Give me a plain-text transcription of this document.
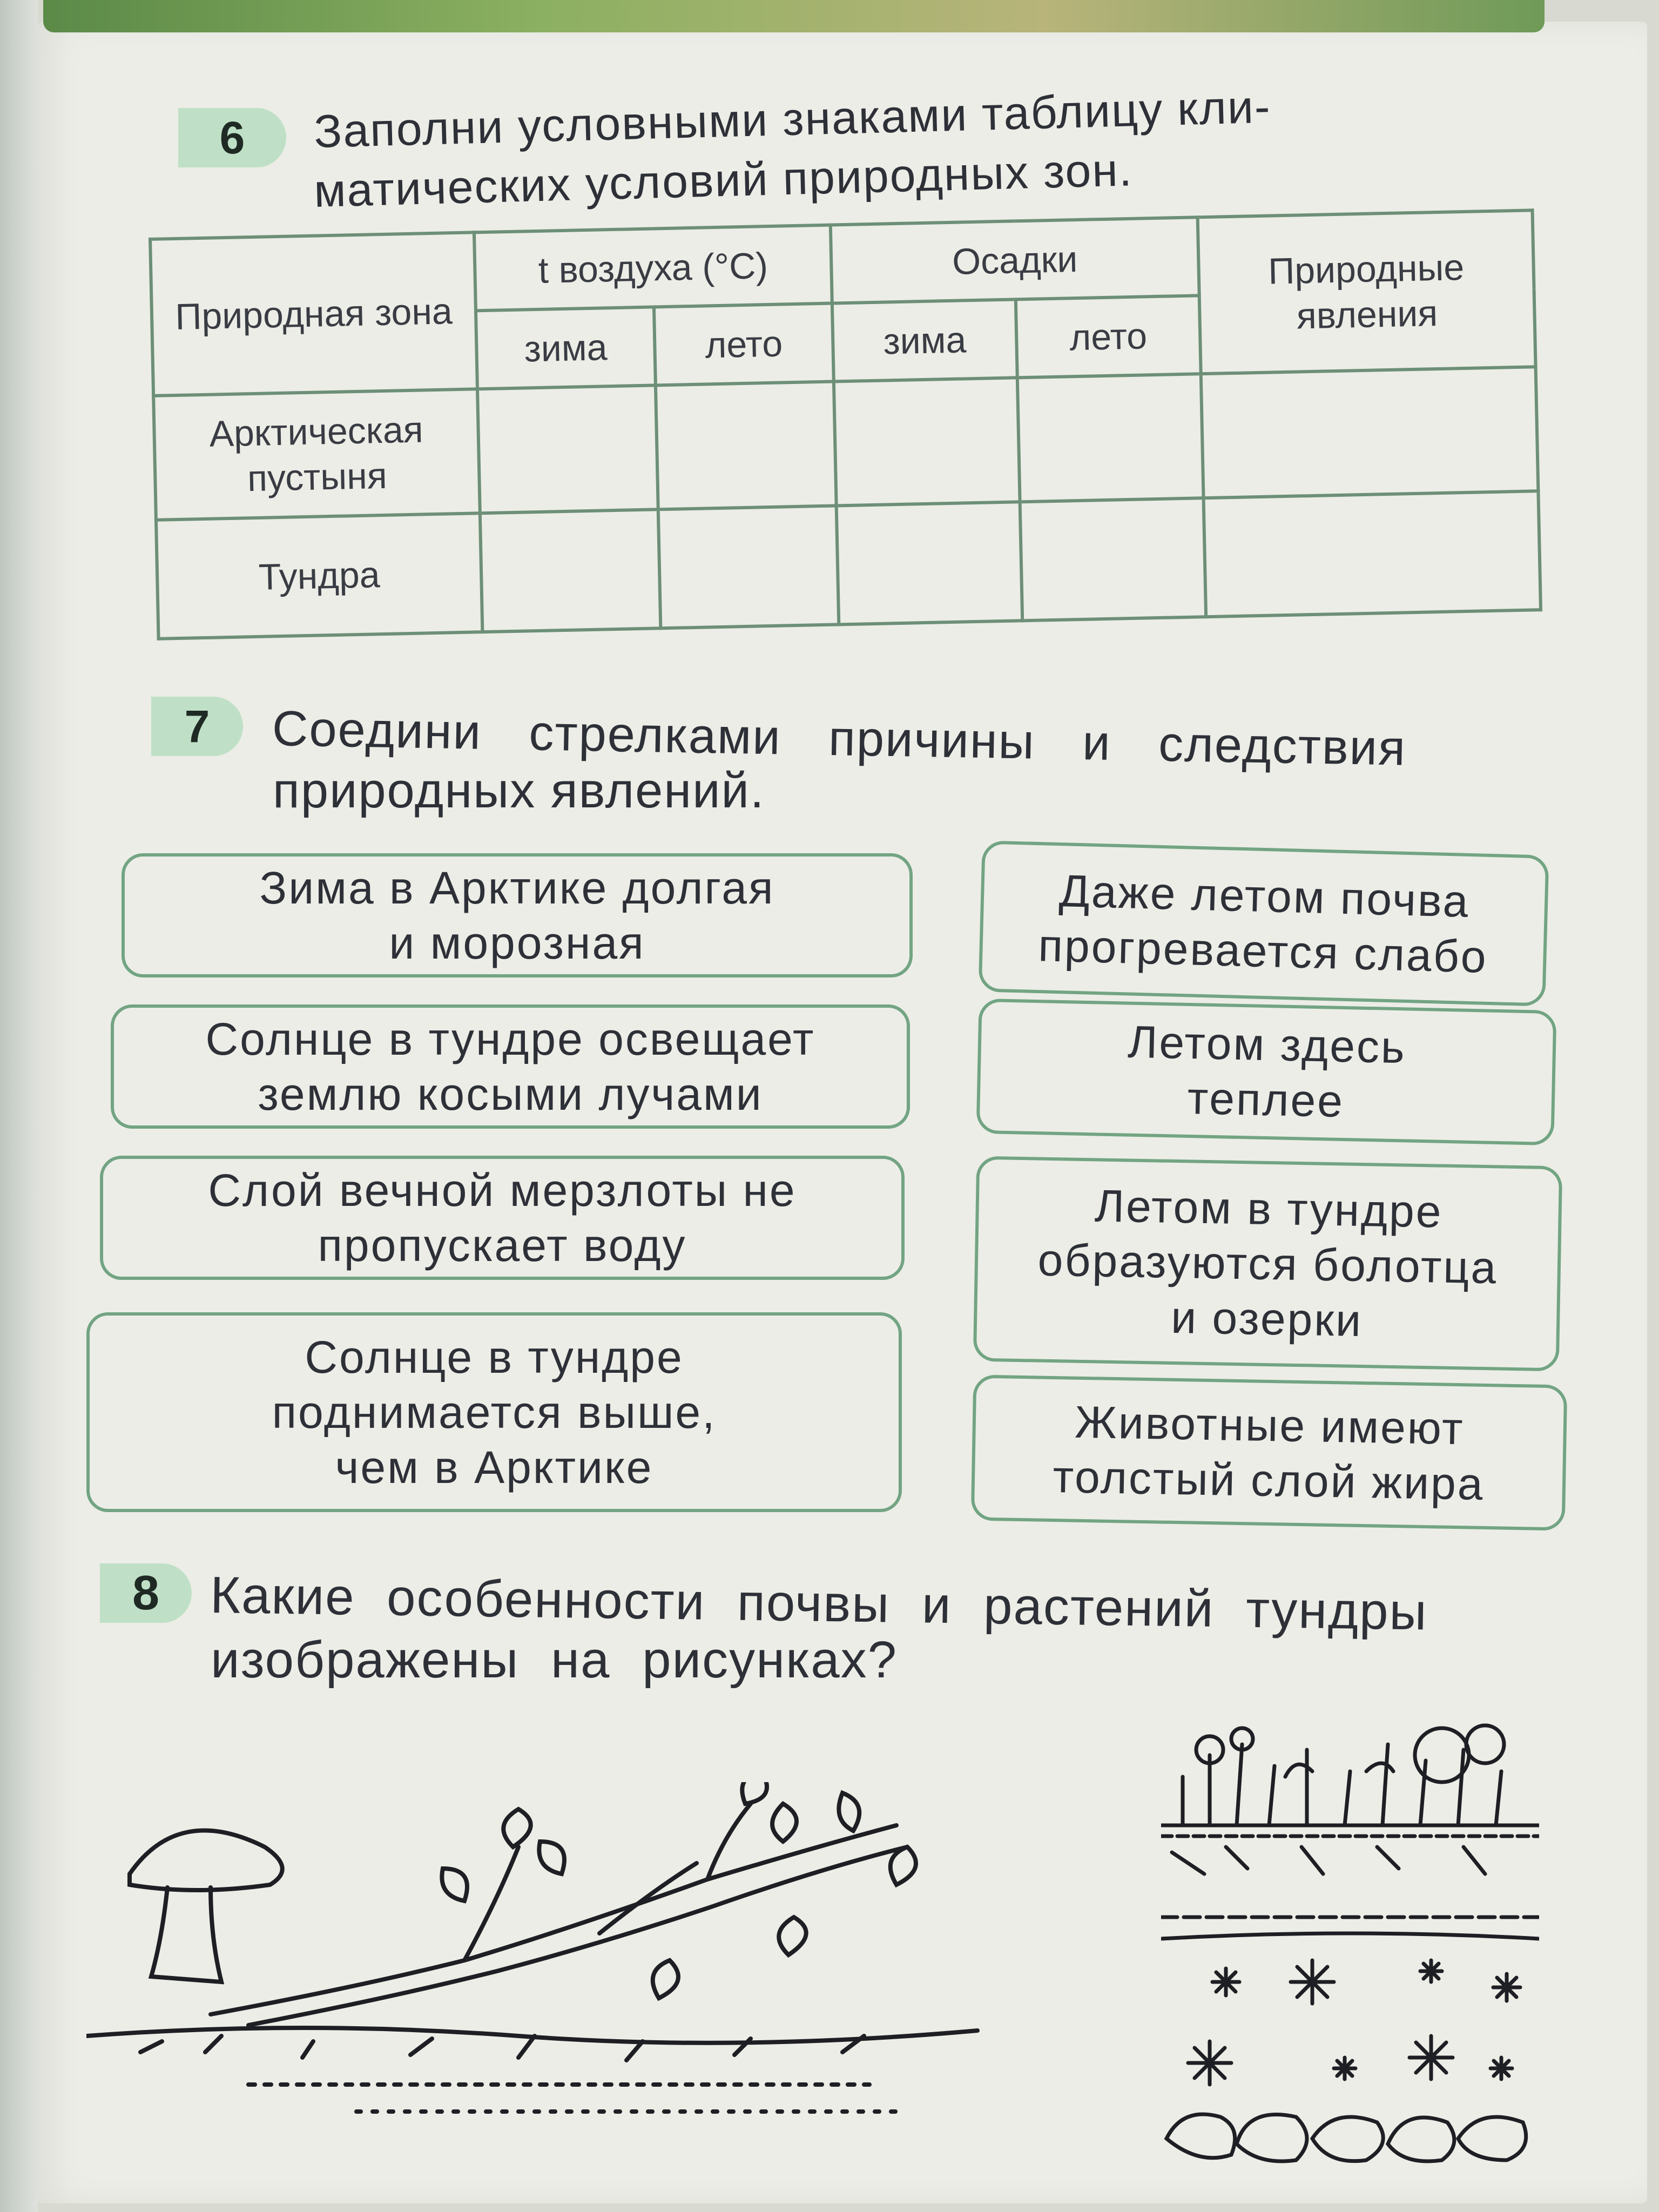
6	Заполни условными знаками таблицу кли-
матических условий природных зон.
Природная зона	t воздуха (°C)		Осадки		Природные явления
	зима	лето	зима	лето	
Арктическая пустыня					
Тундра					
7	Соедини стрелками причины и следствия
природных явлений.
Зима в Арктике долгая
и морозная
Солнце в тундре освещает
землю косыми лучами
Слой вечной мерзлоты не
пропускает воду
Солнце в тундре
поднимается выше,
чем в Арктике
Даже летом почва
прогревается слабо
Летом здесь
теплее
Летом в тундре
образуются болотца
и озерки
Животные имеют
толстый слой жира
8 Какие особенности почвы и растений тундры
изображены на рисунках?
